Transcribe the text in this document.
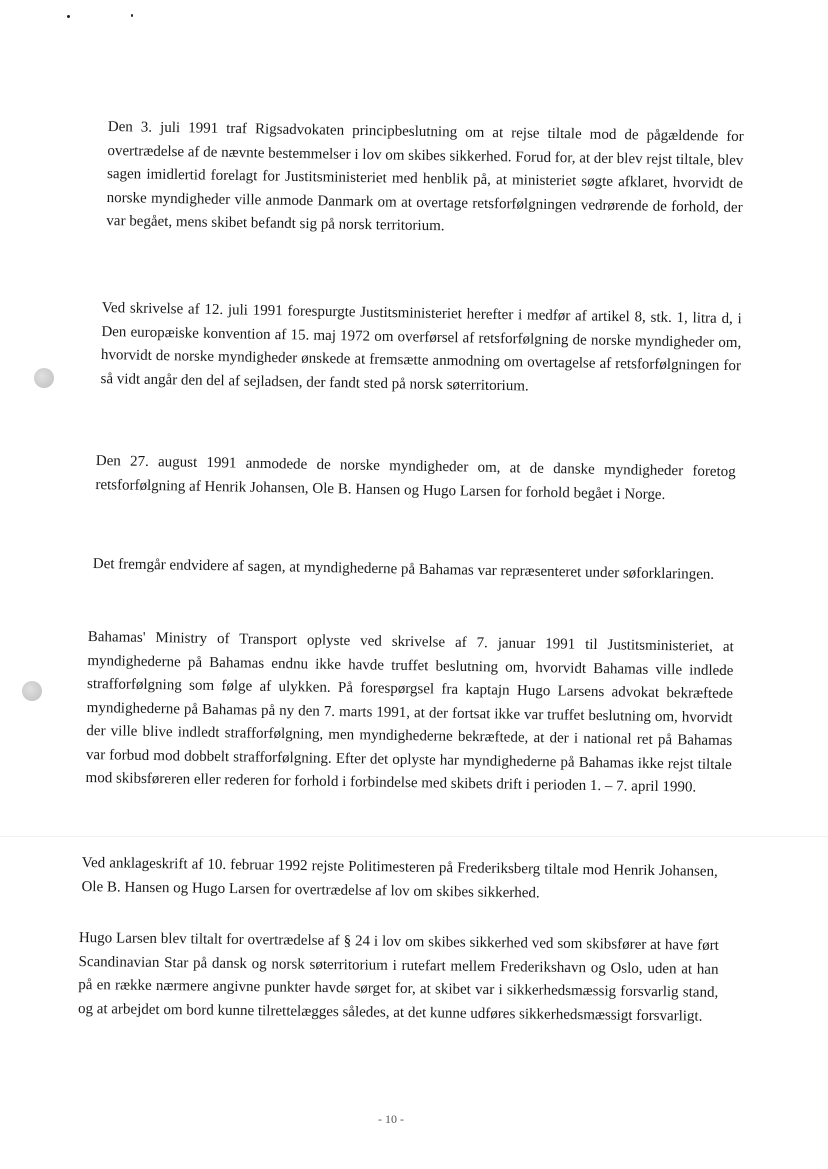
Den 3. juli 1991 traf Rigsadvokaten principbeslutning om at rejse tiltale mod de pågældende for overtrædelse af de nævnte bestemmelser i lov om skibes sikkerhed. Forud for, at der blev rejst tiltale, blev sagen imidlertid forelagt for Justitsministeriet med henblik på, at ministeriet søgte afklaret, hvorvidt de norske myndigheder ville anmode Danmark om at overtage retsforfølgningen vedrørende de forhold, der var begået, mens skibet befandt sig på norsk territorium.

Ved skrivelse af 12. juli 1991 forespurgte Justitsministeriet herefter i medfør af artikel 8, stk. 1, litra d, i Den europæiske konvention af 15. maj 1972 om overførsel af retsforfølgning de norske myndigheder om, hvorvidt de norske myndigheder ønskede at fremsætte anmodning om overtagelse af retsforfølgningen for så vidt angår den del af sejladsen, der fandt sted på norsk søterritorium.

Den 27. august 1991 anmodede de norske myndigheder om, at de danske myndigheder foretog retsforfølgning af Henrik Johansen, Ole B. Hansen og Hugo Larsen for forhold begået i Norge.

Det fremgår endvidere af sagen, at myndighederne på Bahamas var repræsenteret under søforklaringen.

Bahamas' Ministry of Transport oplyste ved skrivelse af 7. januar 1991 til Justitsministeriet, at myndighederne på Bahamas endnu ikke havde truffet beslutning om, hvorvidt Bahamas ville indlede strafforfølgning som følge af ulykken. På forespørgsel fra kaptajn Hugo Larsens advokat bekræftede myndighederne på Bahamas på ny den 7. marts 1991, at der fortsat ikke var truffet beslutning om, hvorvidt der ville blive indledt strafforfølgning, men myndighederne bekræftede, at der i national ret på Bahamas var forbud mod dobbelt strafforfølgning. Efter det oplyste har myndighederne på Bahamas ikke rejst tiltale mod skibsføreren eller rederen for forhold i forbindelse med skibets drift i perioden 1. – 7. april 1990.

Ved anklageskrift af 10. februar 1992 rejste Politimesteren på Frederiksberg tiltale mod Henrik Johansen, Ole B. Hansen og Hugo Larsen for overtrædelse af lov om skibes sikkerhed.

Hugo Larsen blev tiltalt for overtrædelse af § 24 i lov om skibes sikkerhed ved som skibsfører at have ført Scandinavian Star på dansk og norsk søterritorium i rutefart mellem Frederikshavn og Oslo, uden at han på en række nærmere angivne punkter havde sørget for, at skibet var i sikkerhedsmæssig forsvarlig stand, og at arbejdet om bord kunne tilrettelægges således, at det kunne udføres sikkerhedsmæssigt forsvarligt.

- 10 -
